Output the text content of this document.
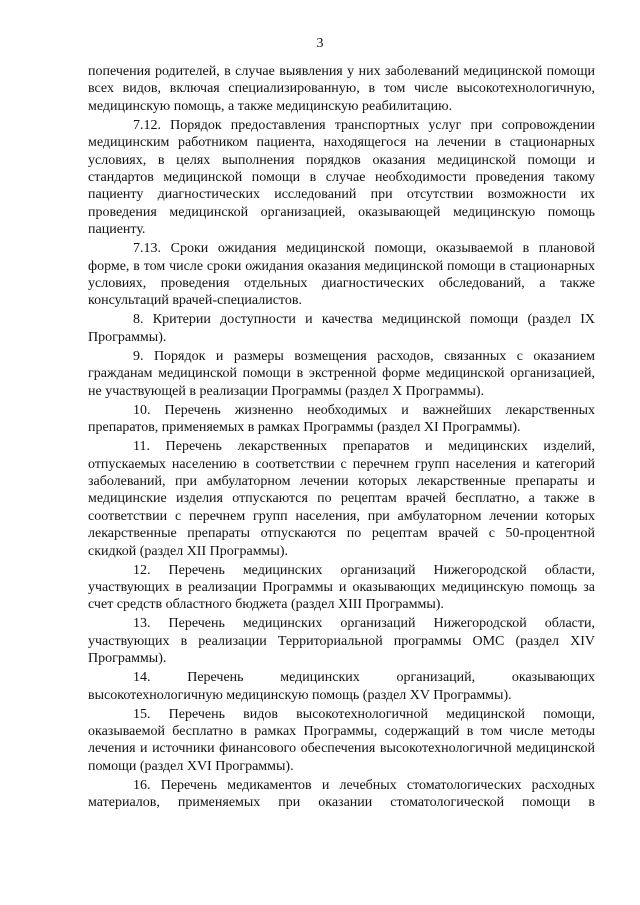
3

попечения родителей, в случае выявления у них заболеваний медицинской помощи всех видов, включая специализированную, в том числе высокотехнологичную, медицинскую помощь, а также медицинскую реабилитацию.

7.12. Порядок предоставления транспортных услуг при сопровождении медицинским работником пациента, находящегося на лечении в стационарных условиях, в целях выполнения порядков оказания медицинской помощи и стандартов медицинской помощи в случае необходимости проведения такому пациенту диагностических исследований при отсутствии возможности их проведения медицинской организацией, оказывающей медицинскую помощь пациенту.

7.13. Сроки ожидания медицинской помощи, оказываемой в плановой форме, в том числе сроки ожидания оказания медицинской помощи в стационарных условиях, проведения отдельных диагностических обследований, а также консультаций врачей-специалистов.

8. Критерии доступности и качества медицинской помощи (раздел IX Программы).

9. Порядок и размеры возмещения расходов, связанных с оказанием гражданам медицинской помощи в экстренной форме медицинской организацией, не участвующей в реализации Программы (раздел X Программы).

10. Перечень жизненно необходимых и важнейших лекарственных препаратов, применяемых в рамках Программы (раздел XI Программы).

11. Перечень лекарственных препаратов и медицинских изделий, отпускаемых населению в соответствии с перечнем групп населения и категорий заболеваний, при амбулаторном лечении которых лекарственные препараты и медицинские изделия отпускаются по рецептам врачей бесплатно, а также в соответствии с перечнем групп населения, при амбулаторном лечении которых лекарственные препараты отпускаются по рецептам врачей с 50-процентной скидкой (раздел XII Программы).

12. Перечень медицинских организаций Нижегородской области, участвующих в реализации Программы и оказывающих медицинскую помощь за счет средств областного бюджета (раздел XIII Программы).

13. Перечень медицинских организаций Нижегородской области, участвующих в реализации Территориальной программы ОМС (раздел XIV Программы).

14. Перечень медицинских организаций, оказывающих высокотехнологичную медицинскую помощь (раздел XV Программы).

15. Перечень видов высокотехнологичной медицинской помощи, оказываемой бесплатно в рамках Программы, содержащий в том числе методы лечения и источники финансового обеспечения высокотехнологичной медицинской помощи (раздел XVI Программы).

16. Перечень медикаментов и лечебных стоматологических расходных материалов, применяемых при оказании стоматологической помощи в
